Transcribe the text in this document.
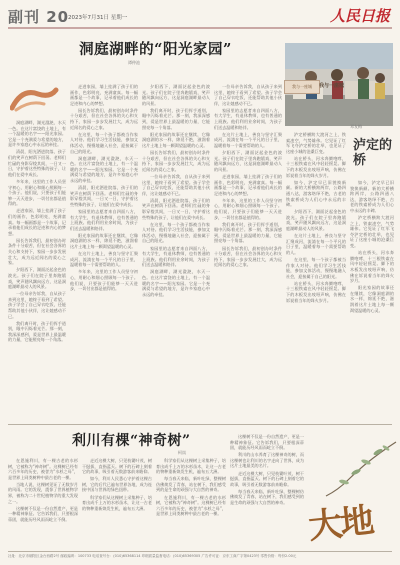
副刊 20
2023年7月31日 星期一	人民日报
洞庭湖畔的“阳光家园”
谭仲池

洞庭湖畔，湖光潋滟，水天一色。在这片富饶的土地上，有一个温暖的名字——阳光家园。它是一个充满爱与希望的地方，是许多家庭心中永远的牵挂。

清晨，阳光洒进院落，孩子们的笑声在树荫下回荡。老师们忙碌的身影穿梭其间，一日又一日，守护着这些特殊的孩子，让他们在爱中成长。

多年来，这里的工作人员坚守初心，用耐心和细心照顾每一个孩子。他们说，只要孩子们能够一天天进步，一切付出都是值得的。

走进家园，墙上挂满了孩子们的画作，色彩明亮，充满童真。每一幅画都是一个故事，记录着他们成长的足迹和内心的梦想。

园长告诉我们，最初创办时条件十分艰苦，但在社会各界的关心和支持下，家园一步步发展壮大，成为远近闻名的爱心之家。

夕阳西下，湖面泛起金色的波光。孩子们在院子里奔跑嬉戏，笑声随风飘向远方，这是洞庭湖畔最动人的风景。

一位母亲告诉我，自从孩子来到这里，她终于看到了希望。孩子学会了自己穿衣吃饭，还能帮助其他小伙伴，这让她感动不已。

我们离开时，孩子们挥手道别，眼中闪烁着光芒。那一刻，我深深感到，爱是世界上最温暖的力量，它能照亮每一个角落。

走进家园，墙上挂满了孩子们的画作，色彩明亮，充满童真。每一幅画都是一个故事，记录着他们成长的足迹和内心的梦想。

园长告诉我们，最初创办时条件十分艰苦，但在社会各界的关心和支持下，家园一步步发展壮大，成为远近闻名的爱心之家。

在这里，每一个孩子都被当作家人对待。他们学习生活技能，参加文体活动，慢慢地融入社会，迎接属于自己的阳光。

洞庭湖畔，湖光潋滟，水天一色。在这片富饶的土地上，有一个温暖的名字——阳光家园。它是一个充满爱与希望的地方，是许多家庭心中永远的牵挂。

清晨，阳光洒进院落，孩子们的笑声在树荫下回荡。老师们忙碌的身影穿梭其间，一日又一日，守护着这些特殊的孩子，让他们在爱中成长。

家园里的志愿者来自四面八方，有大学生，有退休教师，也有普通的上班族。他们利用业余时间，为孩子们送去温暖和陪伴。

阳光家园的故事还在继续，它像洞庭湖的水一样，绵延不绝，滋润着这片土地上每一颗渴望温暖的心灵。

在这片土地上，善良与坚守汇聚成河，流淌在每一个平凡的日子里，温暖着每一个需要帮助的人。

多年来，这里的工作人员坚守初心，用耐心和细心照顾每一个孩子。他们说，只要孩子们能够一天天进步，一切付出都是值得的。

夕阳西下，湖面泛起金色的波光。孩子们在院子里奔跑嬉戏，笑声随风飘向远方，这是洞庭湖畔最动人的风景。

我们离开时，孩子们挥手道别，眼中闪烁着光芒。那一刻，我深深感到，爱是世界上最温暖的力量，它能照亮每一个角落。

阳光家园的故事还在继续，它像洞庭湖的水一样，绵延不绝，滋润着这片土地上每一颗渴望温暖的心灵。

园长告诉我们，最初创办时条件十分艰苦，但在社会各界的关心和支持下，家园一步步发展壮大，成为远近闻名的爱心之家。

一位母亲告诉我，自从孩子来到这里，她终于看到了希望。孩子学会了自己穿衣吃饭，还能帮助其他小伙伴，这让她感动不已。

清晨，阳光洒进院落，孩子们的笑声在树荫下回荡。老师们忙碌的身影穿梭其间，一日又一日，守护着这些特殊的孩子，让他们在爱中成长。

在这里，每一个孩子都被当作家人对待。他们学习生活技能，参加文体活动，慢慢地融入社会，迎接属于自己的阳光。

家园里的志愿者来自四面八方，有大学生，有退休教师，也有普通的上班族。他们利用业余时间，为孩子们送去温暖和陪伴。

洞庭湖畔，湖光潋滟，水天一色。在这片富饶的土地上，有一个温暖的名字——阳光家园。它是一个充满爱与希望的地方，是许多家庭心中永远的牵挂。

一位母亲告诉我，自从孩子来到这里，她终于看到了希望。孩子学会了自己穿衣吃饭，还能帮助其他小伙伴，这让她感动不已。

家园里的志愿者来自四面八方，有大学生，有退休教师，也有普通的上班族。他们利用业余时间，为孩子们送去温暖和陪伴。

在这片土地上，善良与坚守汇聚成河，流淌在每一个平凡的日子里，温暖着每一个需要帮助的人。

夕阳西下，湖面泛起金色的波光。孩子们在院子里奔跑嬉戏，笑声随风飘向远方，这是洞庭湖畔最动人的风景。

走进家园，墙上挂满了孩子们的画作，色彩明亮，充满童真。每一幅画都是一个故事，记录着他们成长的足迹和内心的梦想。

多年来，这里的工作人员坚守初心，用耐心和细心照顾每一个孩子。他们说，只要孩子们能够一天天进步，一切付出都是值得的。

我们离开时，孩子们挥手道别，眼中闪烁着光芒。那一刻，我深深感到，爱是世界上最温暖的力量，它能照亮每一个角落。

园长告诉我们，最初创办时条件十分艰苦，但在社会各界的关心和支持下，家园一步步发展壮大，成为远近闻名的爱心之家。

我与一座城	我与一座城

泸定桥横跨大渡河之上，铁索凌空，气势雄伟。它见证了红军飞夺泸定桥的壮举，也见证了这座小城的沧桑巨变。

站在桥头，河水奔腾咆哮，十三根铁索在风中轻轻摇晃。脚下的木板发出吱呀声响，仿佛在诉说着当年的烽火岁月。

如今，泸定早已旧貌换新颜。新的大桥横跨两岸，公路四通八达，游客络绎不绝，古老的铁索桥成为人们心中永远的丰碑。

夕阳西下，湖面泛起金色的波光。孩子们在院子里奔跑嬉戏，笑声随风飘向远方，这是洞庭湖畔最动人的风景。

在这片土地上，善良与坚守汇聚成河，流淌在每一个平凡的日子里，温暖着每一个需要帮助的人。

在这里，每一个孩子都被当作家人对待。他们学习生活技能，参加文体活动，慢慢地融入社会，迎接属于自己的阳光。

站在桥头，河水奔腾咆哮，十三根铁索在风中轻轻摇晃。脚下的木板发出吱呀声响，仿佛在诉说着当年的烽火岁月。

邓友梅
泸定的桥

如今，泸定早已旧貌换新颜。新的大桥横跨两岸，公路四通八达，游客络绎不绝，古老的铁索桥成为人们心中永远的丰碑。

泸定桥横跨大渡河之上，铁索凌空，气势雄伟。它见证了红军飞夺泸定桥的壮举，也见证了这座小城的沧桑巨变。

站在桥头，河水奔腾咆哮，十三根铁索在风中轻轻摇晃。脚下的木板发出吱呀声响，仿佛在诉说着当年的烽火岁月。

阳光家园的故事还在继续，它像洞庭湖的水一样，绵延不绝，滋润着这片土地上每一颗渴望温暖的心灵。

利川有棵“神奇树”
柯岚

在恩施利川，有一棵古老的水杉树，它被称为“神奇树”。这棵树已经有六百多年的历史，被誉为“水杉之母”，是世界上同类树种中最古老的一棵。

当地人说，这棵树见证了无数岁月的风雨。它的发现，震惊了世界植物学界，被称为二十世纪植物学的重大发现之一。

这棵树不仅是一份自然遗产，更是一种精神象征。它告诉我们，只要根深蒂固，就能历经风雨而屹立不倒。

走近这棵大树，只见枝繁叶茂，树干挺拔，直指蓝天。树下的石碑上刻着它的故事，吸引着无数游客前来瞻仰。

如今，利川人民悉心守护着这棵古树，它的后代已遍布世界各地，成为连接中国与世界的绿色纽带。

科学家们从这棵树上采集种子，培育出成千上万的水杉苗木，让这一古老的物种重新焕发生机，遍布五大洲。

科学家们从这棵树上采集种子，培育出成千上万的水杉苗木，让这一古老的物种重新焕发生机，遍布五大洲。

每当春天来临，新叶吐绿，整棵树仿佛焕发了青春，站在树下，我们感受到的是生命的顽强与大自然的神奇。

在恩施利川，有一棵古老的水杉树，它被称为“神奇树”。这棵树已经有六百多年的历史，被誉为“水杉之母”，是世界上同类树种中最古老的一棵。

这棵树不仅是一份自然遗产，更是一种精神象征。它告诉我们，只要根深蒂固，就能历经风雨而屹立不倒。

利川的山水养育了这棵神奇的树，而这棵树也让利川的名字走向了世界，成为这片土地最美的名片。

走近这棵大树，只见枝繁叶茂，树干挺拔，直指蓝天。树下的石碑上刻着它的故事，吸引着无数游客前来瞻仰。

每当春天来临，新叶吐绿，整棵树仿佛焕发了青春，站在树下，我们感受到的是生命的顽强与大自然的神奇。 大地
社址：北京市朝阳区金台西路2号 邮政编码：100733 电话查号台：(010)65368114 印刷质量监督电话：(010)65369305 广告许可证：京东工商广字第0423号 零售价格：每份2.00元
